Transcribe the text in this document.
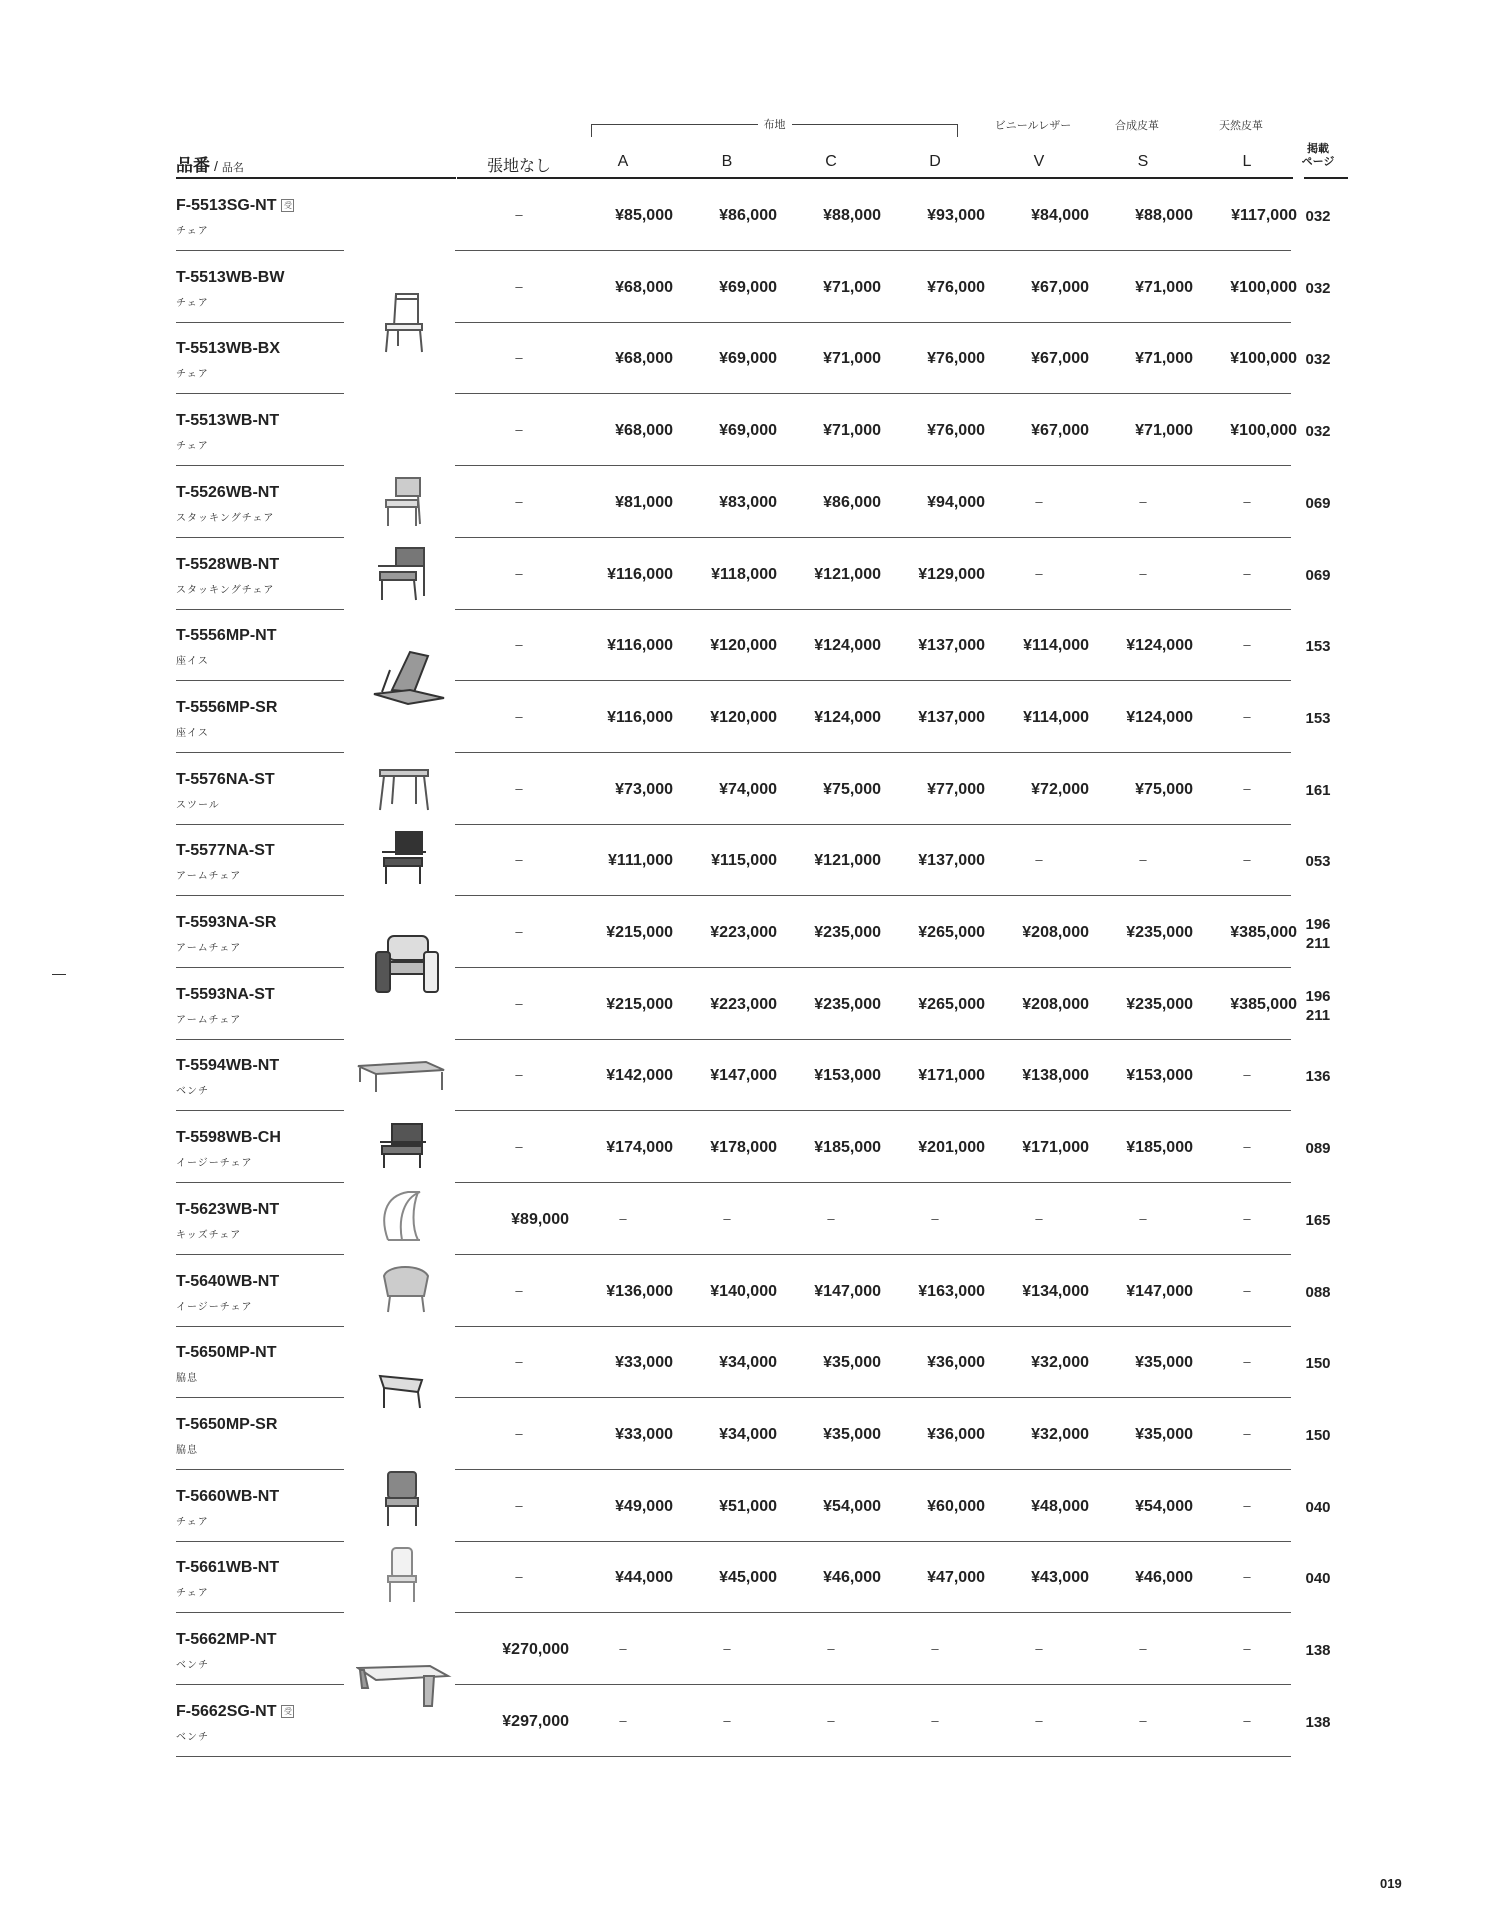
布地	ビニールレザー	合成皮革	天然皮革
品番 / 品名	張地なし	A	B	C	D	V	S	L
掲載
ページ
F-5513SG-NT 受
チェア
–	¥85,000	¥86,000	¥88,000	¥93,000	¥84,000	¥88,000	¥117,000 032
T-5513WB-BW
チェア
–	¥68,000	¥69,000	¥71,000	¥76,000	¥67,000	¥71,000	¥100,000 032
T-5513WB-BX
チェア
–	¥68,000	¥69,000	¥71,000	¥76,000	¥67,000	¥71,000	¥100,000 032
T-5513WB-NT
チェア
–	¥68,000	¥69,000	¥71,000	¥76,000	¥67,000	¥71,000	¥100,000 032
T-5526WB-NT
スタッキングチェア
–	¥81,000	¥83,000	¥86,000	¥94,000	–	–	–	069
T-5528WB-NT
スタッキングチェア
–	¥116,000	¥118,000	¥121,000	¥129,000	–	–	–	069
T-5556MP-NT
座イス
–	¥116,000	¥120,000	¥124,000	¥137,000	¥114,000	¥124,000	–	153
T-5556MP-SR
座イス
–	¥116,000	¥120,000	¥124,000	¥137,000	¥114,000	¥124,000	–	153
T-5576NA-ST
スツール
–	¥73,000	¥74,000	¥75,000	¥77,000	¥72,000	¥75,000	–	161
T-5577NA-ST
アームチェア
–	¥111,000	¥115,000	¥121,000	¥137,000	–	–	–	053
T-5593NA-SR
アームチェア
–	¥215,000	¥223,000	¥235,000	¥265,000	¥208,000	¥235,000	¥385,000 196
211
T-5593NA-ST
アームチェア
–	¥215,000	¥223,000	¥235,000	¥265,000	¥208,000	¥235,000	¥385,000 196
211
T-5594WB-NT
ベンチ
–	¥142,000	¥147,000	¥153,000	¥171,000	¥138,000	¥153,000	–	136
T-5598WB-CH
イージーチェア
–	¥174,000	¥178,000	¥185,000	¥201,000	¥171,000	¥185,000	–	089
T-5623WB-NT
キッズチェア
¥89,000	–	–	–	–	–	–	–	165
T-5640WB-NT
イージーチェア
–	¥136,000	¥140,000	¥147,000	¥163,000	¥134,000	¥147,000	–	088
T-5650MP-NT
脇息
–	¥33,000	¥34,000	¥35,000	¥36,000	¥32,000	¥35,000	–	150
T-5650MP-SR
脇息
–	¥33,000	¥34,000	¥35,000	¥36,000	¥32,000	¥35,000	–	150
T-5660WB-NT
チェア
–	¥49,000	¥51,000	¥54,000	¥60,000	¥48,000	¥54,000	–	040
T-5661WB-NT
チェア
–	¥44,000	¥45,000	¥46,000	¥47,000	¥43,000	¥46,000	–	040
T-5662MP-NT
ベンチ
¥270,000	–	–	–	–	–	–	–	138
F-5662SG-NT 受
ベンチ
¥297,000	–	–	–	–	–	–	–	138
019
